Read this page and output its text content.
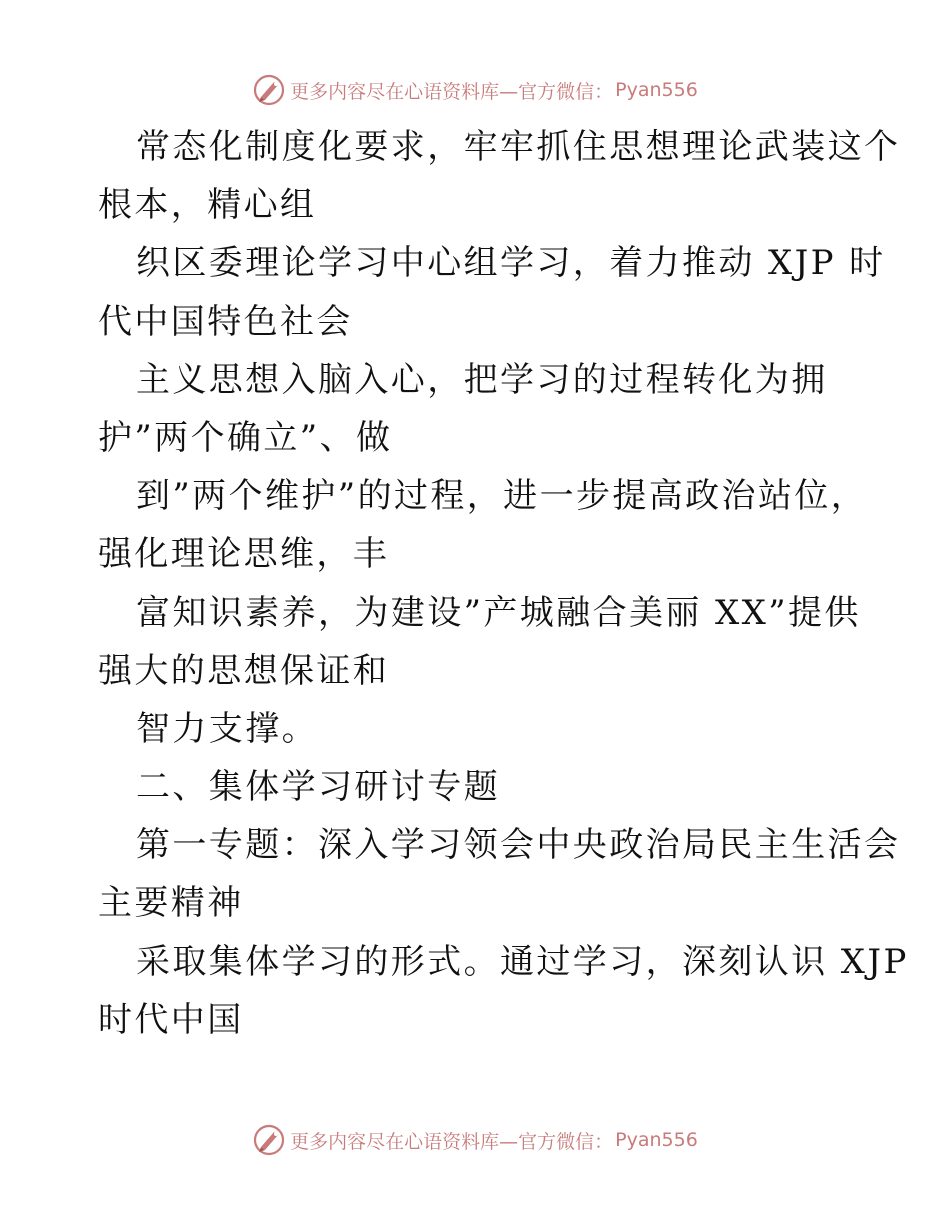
更多内容尽在心语资料库—官方微信： Pyan556
常态化制度化要求，牢牢抓住思想理论武装这个
根本，精心组
织区委理论学习中心组学习，着力推动 XJP 时
代中国特色社会
主义思想入脑入心，把学习的过程转化为拥
护”两个确立”、做
到”两个维护”的过程，进一步提高政治站位，
强化理论思维，丰
富知识素养，为建设”产城融合美丽 XX”提供
强大的思想保证和
智力支撑。
二、集体学习研讨专题
第一专题：深入学习领会中央政治局民主生活会
主要精神
采取集体学习的形式。通过学习，深刻认识 XJP
时代中国
更多内容尽在心语资料库—官方微信： Pyan556
